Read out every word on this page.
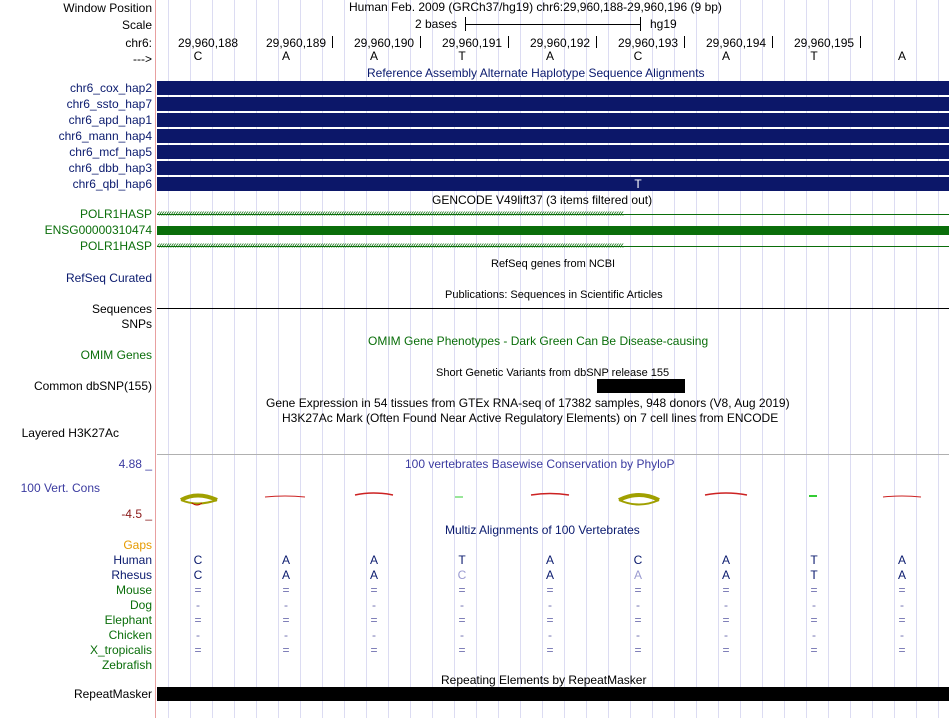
Window Position
Scale
chr6:
--->
Human Feb. 2009 (GRCh37/hg19) chr6:29,960,188-29,960,196 (9 bp)
2 bases	hg19
29,960,188 29,960,189 29,960,190 29,960,191 29,960,192 29,960,193 29,960,194 29,960,195
C	A	A	T	A	C	A	T	A
Reference Assembly Alternate Haplotype Sequence Alignments
chr6_cox_hap2
chr6_ssto_hap7
chr6_apd_hap1
chr6_mann_hap4
chr6_mcf_hap5
chr6_dbb_hap3
chr6_qbl_hap6	T
GENCODE V49lift37 (3 items filtered out)
POLR1HASP
ENSG00000310474
POLR1HASP
‹‹‹‹‹‹‹‹‹‹‹‹‹‹‹‹‹‹‹‹‹‹‹‹‹‹‹‹‹‹‹‹‹‹‹‹‹‹‹‹‹‹‹‹‹‹‹‹‹‹‹‹‹‹‹‹‹‹‹‹‹‹‹‹‹‹‹‹‹‹‹‹‹‹‹‹‹‹‹‹‹‹‹‹‹‹‹‹‹‹‹‹‹‹‹‹‹‹‹‹‹‹‹‹‹‹‹‹‹‹‹‹‹‹‹‹‹‹‹‹‹‹‹‹‹‹‹‹‹‹‹‹‹‹‹‹‹‹‹‹‹‹‹‹‹‹‹‹‹‹‹‹‹‹‹‹‹‹‹‹‹‹‹‹‹‹‹‹‹‹‹‹‹‹‹‹‹‹‹‹‹‹‹‹‹‹‹‹‹‹‹‹‹‹‹‹‹‹‹‹
‹‹‹‹‹‹‹‹‹‹‹‹‹‹‹‹‹‹‹‹‹‹‹‹‹‹‹‹‹‹‹‹‹‹‹‹‹‹‹‹‹‹‹‹‹‹‹‹‹‹‹‹‹‹‹‹‹‹‹‹‹‹‹‹‹‹‹‹‹‹‹‹‹‹‹‹‹‹‹‹‹‹‹‹‹‹‹‹‹‹‹‹‹‹‹‹‹‹‹‹‹‹‹‹‹‹‹‹‹‹‹‹‹‹‹‹‹‹‹‹‹‹‹‹‹‹‹‹‹‹‹‹‹‹‹‹‹‹‹‹‹‹‹‹‹‹‹‹‹‹‹‹‹‹‹‹‹‹‹‹‹‹‹‹‹‹‹‹‹‹‹‹‹‹‹‹‹‹‹‹‹‹‹‹‹‹‹‹‹‹‹‹‹‹‹‹‹‹‹‹
RefSeq genes from NCBI
RefSeq Curated
Publications: Sequences in Scientific Articles
Sequences
SNPs
OMIM Gene Phenotypes - Dark Green Can Be Disease-causing
OMIM Genes
Short Genetic Variants from dbSNP release 155
Common dbSNP(155)
Gene Expression in 54 tissues from GTEx RNA-seq of 17382 samples, 948 donors (V8, Aug 2019)
H3K27Ac Mark (Often Found Near Active Regulatory Elements) on 7 cell lines from ENCODE
Layered H3K27Ac
4.88 _	100 vertebrates Basewise Conservation by PhyloP
100 Vert. Cons
-4.5 _
Multiz Alignments of 100 Vertebrates
Gaps
Human	C	A	A	T	A	C	A	T	A
Rhesus	C	A	A	C	A	A	A	T	A
Mouse	=	=	=	=	=	=	=	=	=
Dog	-	-	-	-	-	-	-	-	-
Elephant	=	=	=	=	=	=	=	=	=
Chicken	-	-	-	-	-	-	-	-	-
X_tropicalis	=	=	=	=	=	=	=	=	=
Zebrafish
Repeating Elements by RepeatMasker
RepeatMasker
